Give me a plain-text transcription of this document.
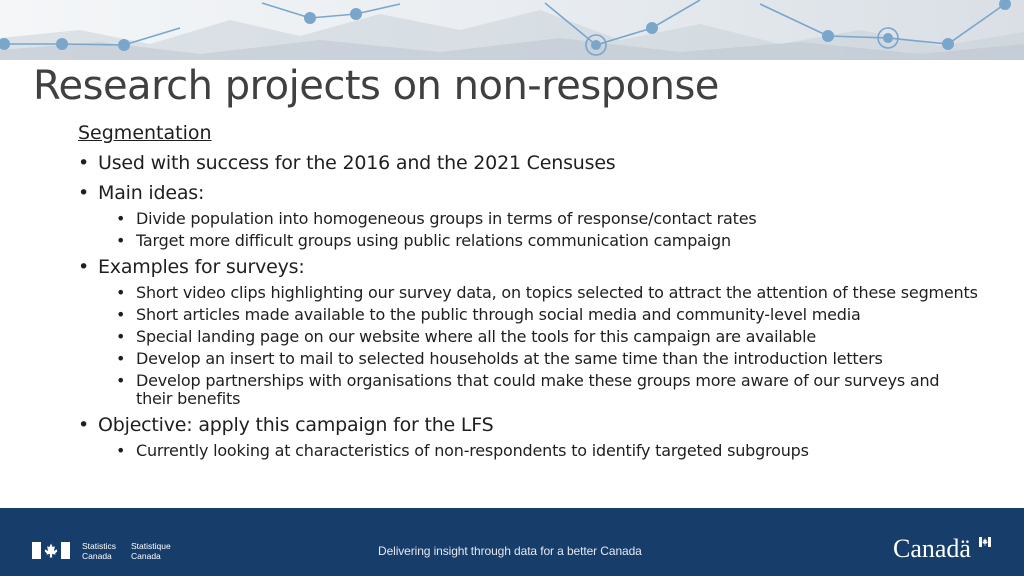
Research projects on non-response
Segmentation
• Used with success for the 2016 and the 2021 Censuses
• Main ideas:
• Divide population into homogeneous groups in terms of response/contact rates
• Target more difficult groups using public relations communication campaign
• Examples for surveys:
• Short video clips highlighting our survey data, on topics selected to attract the attention of these segments
• Short articles made available to the public through social media and community-level media
• Special landing page on our website where all the tools for this campaign are available
• Develop an insert to mail to selected households at the same time than the introduction letters
• Develop partnerships with organisations that could make these groups more aware of our surveys and their benefits
• Objective: apply this campaign for the LFS
• Currently looking at characteristics of non-respondents to identify targeted subgroups
Statistics
Canada
Statistique
Canada	Delivering insight through data for a better Canada	Canadä
